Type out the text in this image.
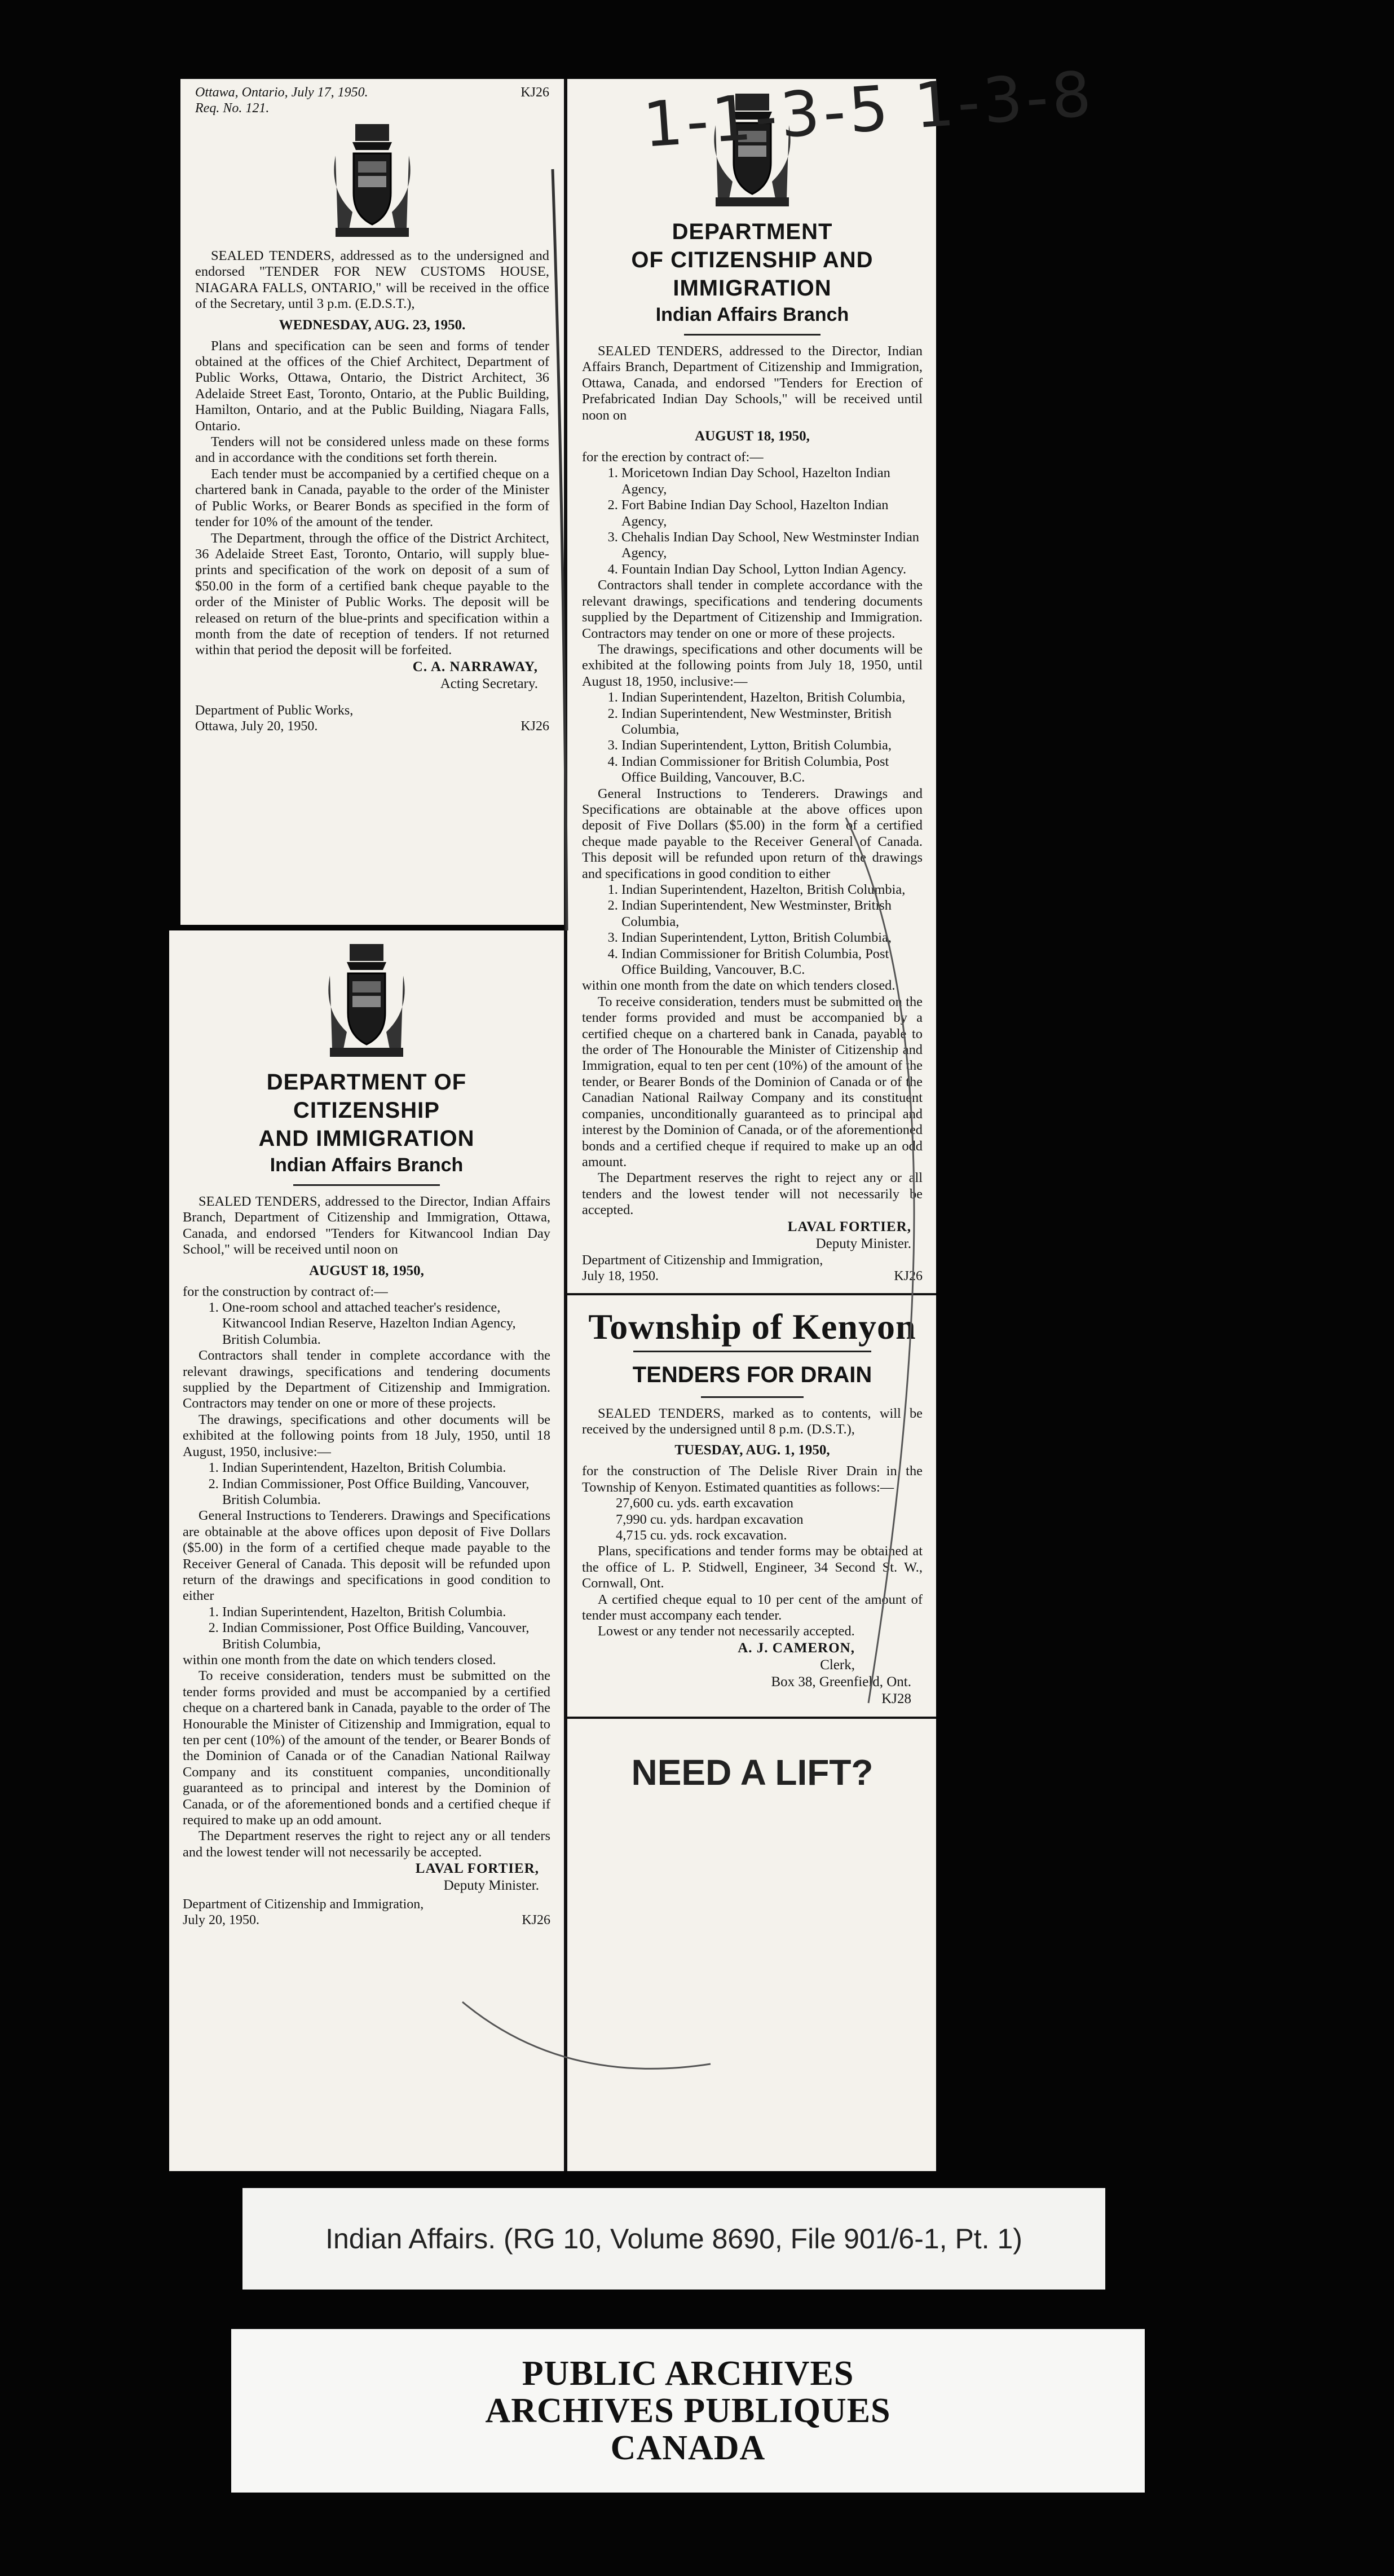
Ottawa, Ontario, July 17, 1950.	KJ26
Req. No. 121.

SEALED TENDERS, addressed as to the undersigned and endorsed "TENDER FOR NEW CUSTOMS HOUSE, NIAGARA FALLS, ONTARIO," will be received in the office of the Secretary, until 3 p.m. (E.D.S.T.),

WEDNESDAY, AUG. 23, 1950.

Plans and specification can be seen and forms of tender obtained at the offices of the Chief Architect, Department of Public Works, Ottawa, Ontario, the District Architect, 36 Adelaide Street East, Toronto, Ontario, at the Public Building, Hamilton, Ontario, and at the Public Building, Niagara Falls, Ontario.

Tenders will not be considered unless made on these forms and in accordance with the conditions set forth therein.

Each tender must be accompanied by a certified cheque on a chartered bank in Canada, payable to the order of the Minister of Public Works, or Bearer Bonds as specified in the form of tender for 10% of the amount of the tender.

The Department, through the office of the District Architect, 36 Adelaide Street East, Toronto, Ontario, will supply blue-prints and specification of the work on deposit of a sum of $50.00 in the form of a certified bank cheque payable to the order of the Minister of Public Works. The deposit will be released on return of the blue-prints and specification within a month from the date of reception of tenders. If not returned within that period the deposit will be forfeited.

C. A. NARRAWAY,
Acting Secretary.
Department of Public Works,
Ottawa, July 20, 1950.	KJ26
DEPARTMENT OF
CITIZENSHIP
AND IMMIGRATION
Indian Affairs Branch

SEALED TENDERS, addressed to the Director, Indian Affairs Branch, Department of Citizenship and Immigration, Ottawa, Canada, and endorsed "Tenders for Kitwancool Indian Day School," will be received until noon on

AUGUST 18, 1950,

for the construction by contract of:—

1. One-room school and attached teacher's residence, Kitwancool Indian Reserve, Hazelton Indian Agency, British Columbia.

Contractors shall tender in complete accordance with the relevant drawings, specifications and tendering documents supplied by the Department of Citizenship and Immigration. Contractors may tender on one or more of these projects.

The drawings, specifications and other documents will be exhibited at the following points from 18 July, 1950, until 18 August, 1950, inclusive:—

1. Indian Superintendent, Hazelton, British Columbia.
2. Indian Commissioner, Post Office Building, Vancouver, British Columbia.

General Instructions to Tenderers. Drawings and Specifications are obtainable at the above offices upon deposit of Five Dollars ($5.00) in the form of a certified cheque made payable to the Receiver General of Canada. This deposit will be refunded upon return of the drawings and specifications in good condition to either

1. Indian Superintendent, Hazelton, British Columbia.
2. Indian Commissioner, Post Office Building, Vancouver, British Columbia,

within one month from the date on which tenders closed.

To receive consideration, tenders must be submitted on the tender forms provided and must be accompanied by a certified cheque on a chartered bank in Canada, payable to the order of The Honourable the Minister of Citizenship and Immigration, equal to ten per cent (10%) of the amount of the tender, or Bearer Bonds of the Dominion of Canada or of the Canadian National Railway Company and its constituent companies, unconditionally guaranteed as to principal and interest by the Dominion of Canada, or of the aforementioned bonds and a certified cheque if required to make up an odd amount.

The Department reserves the right to reject any or all tenders and the lowest tender will not necessarily be accepted.

LAVAL FORTIER,
Deputy Minister.
Department of Citizenship and Immigration,
July 20, 1950.	KJ26
DEPARTMENT
OF CITIZENSHIP AND
IMMIGRATION
Indian Affairs Branch

SEALED TENDERS, addressed to the Director, Indian Affairs Branch, Department of Citizenship and Immigration, Ottawa, Canada, and endorsed "Tenders for Erection of Prefabricated Indian Day Schools," will be received until noon on

AUGUST 18, 1950,

for the erection by contract of:—

1. Moricetown Indian Day School, Hazelton Indian Agency,
2. Fort Babine Indian Day School, Hazelton Indian Agency,
3. Chehalis Indian Day School, New Westminster Indian Agency,
4. Fountain Indian Day School, Lytton Indian Agency.

Contractors shall tender in complete accordance with the relevant drawings, specifications and tendering documents supplied by the Department of Citizenship and Immigration. Contractors may tender on one or more of these projects.

The drawings, specifications and other documents will be exhibited at the following points from July 18, 1950, until August 18, 1950, inclusive:—

1. Indian Superintendent, Hazelton, British Columbia,
2. Indian Superintendent, New Westminster, British Columbia,
3. Indian Superintendent, Lytton, British Columbia,
4. Indian Commissioner for British Columbia, Post Office Building, Vancouver, B.C.

General Instructions to Tenderers. Drawings and Specifications are obtainable at the above offices upon deposit of Five Dollars ($5.00) in the form of a certified cheque made payable to the Receiver General of Canada. This deposit will be refunded upon return of the drawings and specifications in good condition to either

1. Indian Superintendent, Hazelton, British Columbia,
2. Indian Superintendent, New Westminster, British Columbia,
3. Indian Superintendent, Lytton, British Columbia,
4. Indian Commissioner for British Columbia, Post Office Building, Vancouver, B.C.

within one month from the date on which tenders closed.

To receive consideration, tenders must be submitted on the tender forms provided and must be accompanied by a certified cheque on a chartered bank in Canada, payable to the order of The Honourable the Minister of Citizenship and Immigration, equal to ten per cent (10%) of the amount of the tender, or Bearer Bonds of the Dominion of Canada or of the Canadian National Railway Company and its constituent companies, unconditionally guaranteed as to principal and interest by the Dominion of Canada, or of the aforementioned bonds and a certified cheque if required to make up an odd amount.

The Department reserves the right to reject any or all tenders and the lowest tender will not necessarily be accepted.

LAVAL FORTIER,
Deputy Minister.
Department of Citizenship and Immigration,
July 18, 1950.	KJ26
Township of Kenyon
TENDERS FOR DRAIN

SEALED TENDERS, marked as to contents, will be received by the undersigned until 8 p.m. (D.S.T.),

TUESDAY, AUG. 1, 1950,

for the construction of The Delisle River Drain in the Township of Kenyon. Estimated quantities as follows:—

27,600 cu. yds. earth excavation
7,990 cu. yds. hardpan excavation
4,715 cu. yds. rock excavation.

Plans, specifications and tender forms may be obtained at the office of L. P. Stidwell, Engineer, 34 Second St. W., Cornwall, Ont.

A certified cheque equal to 10 per cent of the amount of tender must accompany each tender.

Lowest or any tender not necessarily accepted.

A. J. CAMERON,
Clerk,
Box 38, Greenfield, Ont.
KJ28
NEED A LIFT?
1-1-3-5 1-3-8
Indian Affairs. (RG 10, Volume 8690, File 901/6-1, Pt. 1)
PUBLIC ARCHIVES
ARCHIVES PUBLIQUES
CANADA
